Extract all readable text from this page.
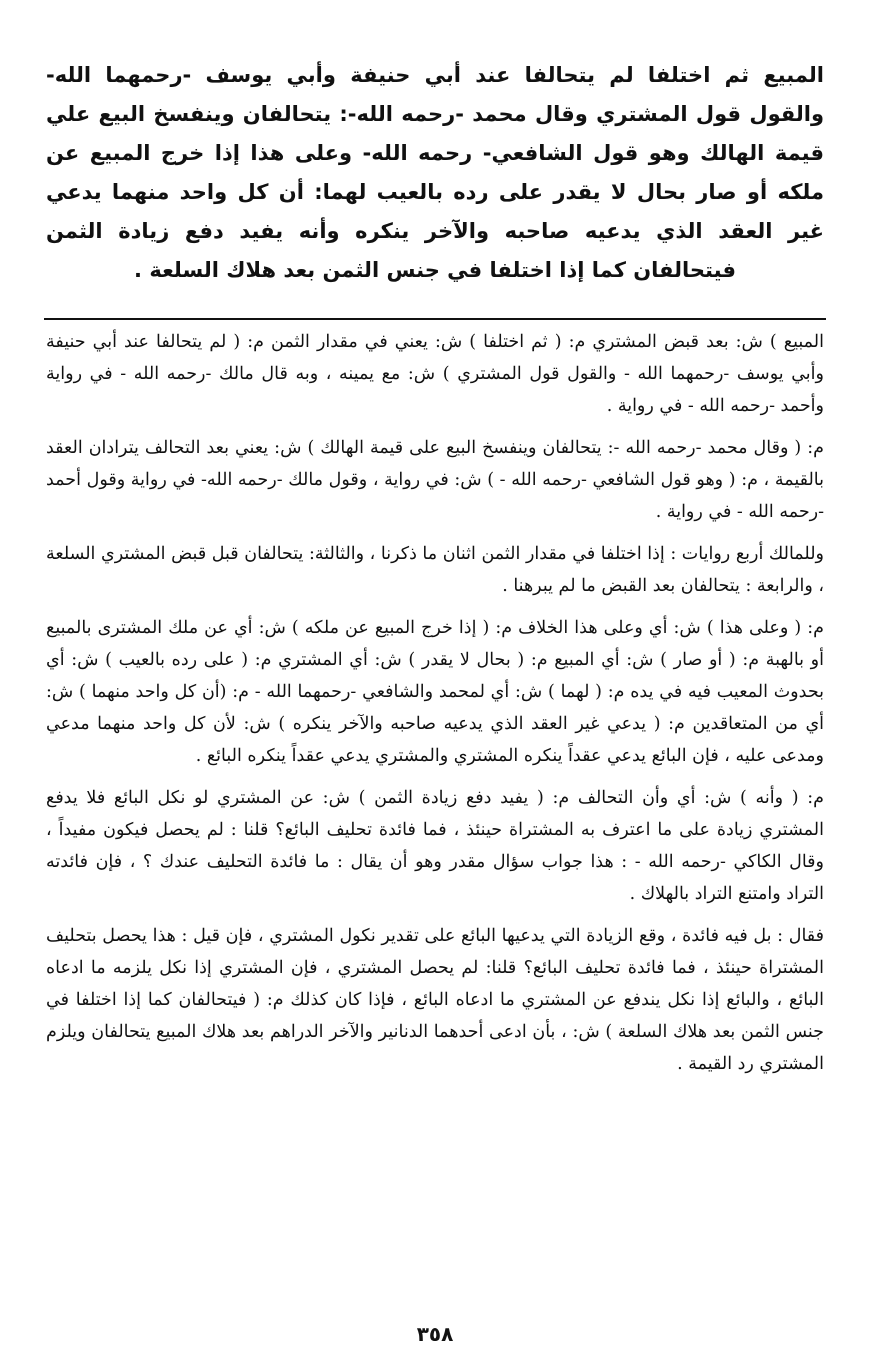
المبيع ثم اختلفا لم يتحالفا عند أبي حنيفة وأبي يوسف -رحمهما الله- والقول قول المشتري وقال محمد -رحمه الله-: يتحالفان وينفسخ البيع علي قيمة الهالك وهو قول الشافعي- رحمه الله- وعلى هذا إذا خرج المبيع عن ملكه أو صار بحال لا يقدر على رده بالعيب لهما: أن كل واحد منهما يدعي غير العقد الذي يدعيه صاحبه والآخر ينكره وأنه يفيد دفع زيادة الثمن فيتحالفان كما إذا اختلفا في جنس الثمن بعد هلاك السلعة .

المبيع ) ش: بعد قبض المشتري م: ( ثم اختلفا ) ش: يعني في مقدار الثمن م: ( لم يتحالفا عند أبي حنيفة وأبي يوسف -رحمهما الله - والقول قول المشتري ) ش: مع يمينه ، وبه قال مالك -رحمه الله - في رواية وأحمد -رحمه الله - في رواية .

م: ( وقال محمد -رحمه الله -: يتحالفان وينفسخ البيع على قيمة الهالك ) ش: يعني بعد التحالف يترادان العقد بالقيمة ، م: ( وهو قول الشافعي -رحمه الله - ) ش: في رواية ، وقول مالك -رحمه الله- في رواية وقول أحمد -رحمه الله - في رواية .

وللمالك أربع روايات : إذا اختلفا في مقدار الثمن اثنان ما ذكرنا ، والثالثة: يتحالفان قبل قبض المشتري السلعة ، والرابعة : يتحالفان بعد القبض ما لم يبرهنا .

م: ( وعلى هذا ) ش: أي وعلى هذا الخلاف م: ( إذا خرج المبيع عن ملكه ) ش: أي عن ملك المشترى بالمبيع أو بالهبة م: ( أو صار ) ش: أي المبيع م: ( بحال لا يقدر ) ش: أي المشتري م: ( على رده بالعيب ) ش: أي بحدوث المعيب فيه في يده م: ( لهما ) ش: أي لمحمد والشافعي -رحمهما الله - م: (أن كل واحد منهما ) ش: أي من المتعاقدين م: ( يدعي غير العقد الذي يدعيه صاحبه والآخر ينكره ) ش: لأن كل واحد منهما مدعي ومدعى عليه ، فإن البائع يدعي عقداً ينكره المشتري والمشتري يدعي عقداً ينكره البائع .

م: ( وأنه ) ش: أي وأن التحالف م: ( يفيد دفع زيادة الثمن ) ش: عن المشتري لو نكل البائع فلا يدفع المشتري زيادة على ما اعترف به المشتراة حينئذ ، فما فائدة تحليف البائع؟ قلنا : لم يحصل فيكون مفيداً ، وقال الكاكي -رحمه الله - : هذا جواب سؤال مقدر وهو أن يقال : ما فائدة التحليف عندك ؟ ، فإن فائدته التراد وامتنع التراد بالهلاك .

فقال : بل فيه فائدة ، وقع الزيادة التي يدعيها البائع على تقدير نكول المشتري ، فإن قيل : هذا يحصل بتحليف المشتراة حينئذ ، فما فائدة تحليف البائع؟ قلنا: لم يحصل المشتري ، فإن المشتري إذا نكل يلزمه ما ادعاه البائع ، والبائع إذا نكل يندفع عن المشتري ما ادعاه البائع ، فإذا كان كذلك م: ( فيتحالفان كما إذا اختلفا في جنس الثمن بعد هلاك السلعة ) ش: ، بأن ادعى أحدهما الدنانير والآخر الدراهم بعد هلاك المبيع يتحالفان ويلزم المشتري رد القيمة .

٣٥٨
